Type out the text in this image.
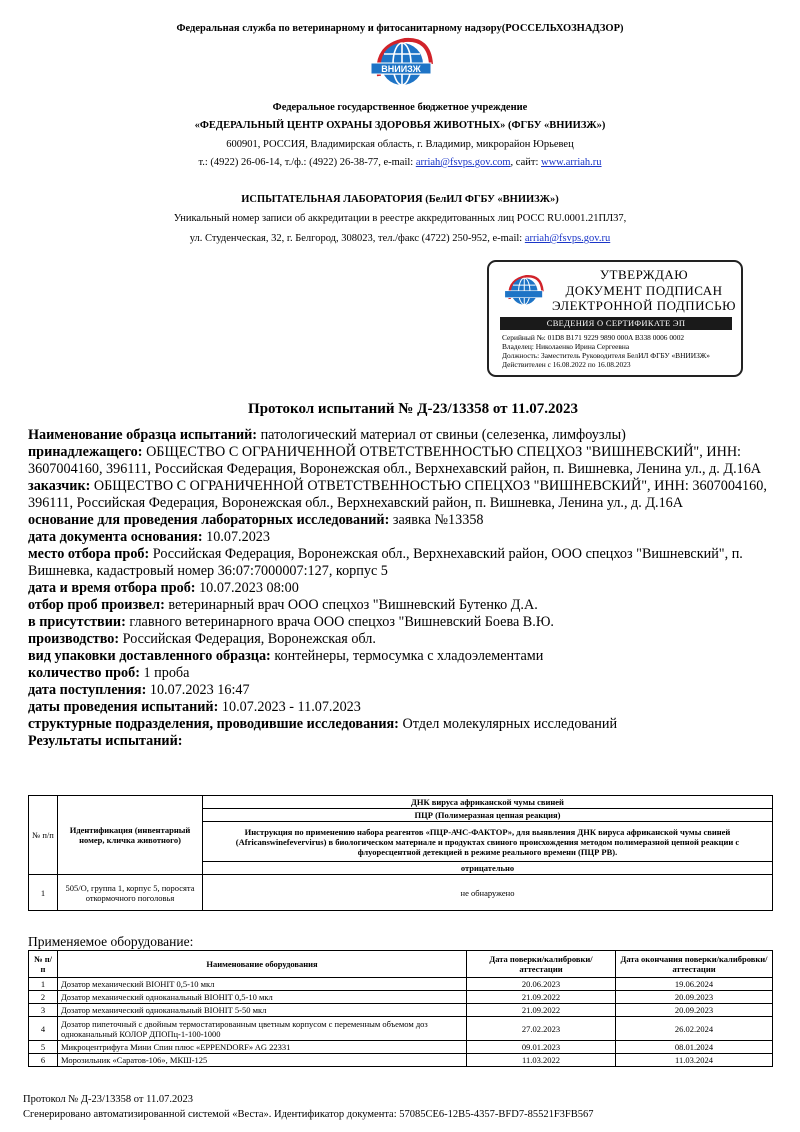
Федеральная служба по ветеринарному и фитосанитарному надзору(РОССЕЛЬХОЗНАДЗОР)
ВНИИЗЖ
Федеральное государственное бюджетное учреждение
«ФЕДЕРАЛЬНЫЙ ЦЕНТР ОХРАНЫ ЗДОРОВЬЯ ЖИВОТНЫХ» (ФГБУ «ВНИИЗЖ»)
600901, РОССИЯ, Владимирская область, г. Владимир, микрорайон Юрьевец
т.: (4922) 26-06-14, т./ф.: (4922) 26-38-77, e-mail: arriah@fsvps.gov.com, сайт: www.arriah.ru
ИСПЫТАТЕЛЬНАЯ ЛАБОРАТОРИЯ (БелИЛ ФГБУ «ВНИИЗЖ»)
Уникальный номер записи об аккредитации в реестре аккредитованных лиц РОСС RU.0001.21ПЛ37,
ул. Студенческая, 32, г. Белгород, 308023, тел./факс (4722) 250-952, e-mail: arriah@fsvps.gov.ru
УТВЕРЖДАЮ
ДОКУМЕНТ ПОДПИСАН
ЭЛЕКТРОННОЙ ПОДПИСЬЮ
СВЕДЕНИЯ О СЕРТИФИКАТЕ ЭП
Серийный №: 01D8 B171 9229 9890 000A B338 0006 0002
Владелец: Николаенко Ирина Сергеевна
Должность: Заместитель Руководителя БелИЛ ФГБУ «ВНИИЗЖ»
Действителен с 16.08.2022 по 16.08.2023
Протокол испытаний № Д-23/13358 от 11.07.2023

Наименование образца испытаний: патологический материал от свиньи (селезенка, лимфоузлы)

принадлежащего: ОБЩЕСТВО С ОГРАНИЧЕННОЙ ОТВЕТСТВЕННОСТЬЮ СПЕЦХОЗ "ВИШНЕВСКИЙ", ИНН: 3607004160, 396111, Российская Федерация, Воронежская обл., Верхнехавский район, п. Вишневка, Ленина ул., д. Д.16А

заказчик: ОБЩЕСТВО С ОГРАНИЧЕННОЙ ОТВЕТСТВЕННОСТЬЮ СПЕЦХОЗ "ВИШНЕВСКИЙ", ИНН: 3607004160, 396111, Российская Федерация, Воронежская обл., Верхнехавский район, п. Вишневка, Ленина ул., д. Д.16А

основание для проведения лабораторных исследований: заявка №13358

дата документа основания: 10.07.2023

место отбора проб: Российская Федерация, Воронежская обл., Верхнехавский район, ООО спецхоз "Вишневский", п. Вишневка, кадастровый номер 36:07:7000007:127, корпус 5

дата и время отбора проб: 10.07.2023 08:00

отбор проб произвел: ветеринарный врач ООО спецхоз "Вишневский Бутенко Д.А.

в присутствии: главного ветеринарного врача ООО спецхоз "Вишневский Боева В.Ю.

производство: Российская Федерация, Воронежская обл.

вид упаковки доставленного образца: контейнеры, термосумка с хладоэлементами

количество проб: 1 проба

дата поступления: 10.07.2023 16:47

даты проведения испытаний: 10.07.2023 - 11.07.2023

структурные подразделения, проводившие исследования: Отдел молекулярных исследований

Результаты испытаний:

№ п/п	Идентификация (инвентарный номер, кличка животного)	ДНК вируса африканской чумы свиней
		ПЦР (Полимеразная цепная реакция)
		Инструкция по применению набора реагентов «ПЦР-АЧС-ФАКТОР», для выявления ДНК вируса африканской чумы свиней (Africanswinefevervirus) в биологическом материале и продуктах свиного происхождения методом полимеразной цепной реакции с флуоресцентной детекцией в режиме реального времени (ПЦР РВ).
		отрицательно
1	505/О, группа 1, корпус 5, поросята откормочного поголовья	не обнаружено
Применяемое оборудование:
№ п/п	Наименование оборудования	Дата поверки/калибровки/аттестации	Дата окончания поверки/калибровки/аттестации
1	Дозатор механический ВІОНІТ 0,5-10 мкл	20.06.2023	19.06.2024
2	Дозатор механический одноканальный ВІОНІТ 0,5-10 мкл	21.09.2022	20.09.2023
3	Дозатор механический одноканальный ВІОНІТ 5-50 мкл	21.09.2022	20.09.2023
4	Дозатор пипеточный с двойным термостатированным цветным корпусом с переменным объемом доз одноканальный КОЛОР ДПОПц-1-100-1000	27.02.2023	26.02.2024
5	Микроцентрифуга Мини Спин плюс «EPPENDORF» AG 22331	09.01.2023	08.01.2024
6	Морозильник «Саратов-106», МКШ-125	11.03.2022	11.03.2024
Протокол № Д-23/13358 от 11.07.2023
Сгенерировано автоматизированной системой «Веста». Идентификатор документа: 57085CE6-12B5-4357-BFD7-85521F3FB567
